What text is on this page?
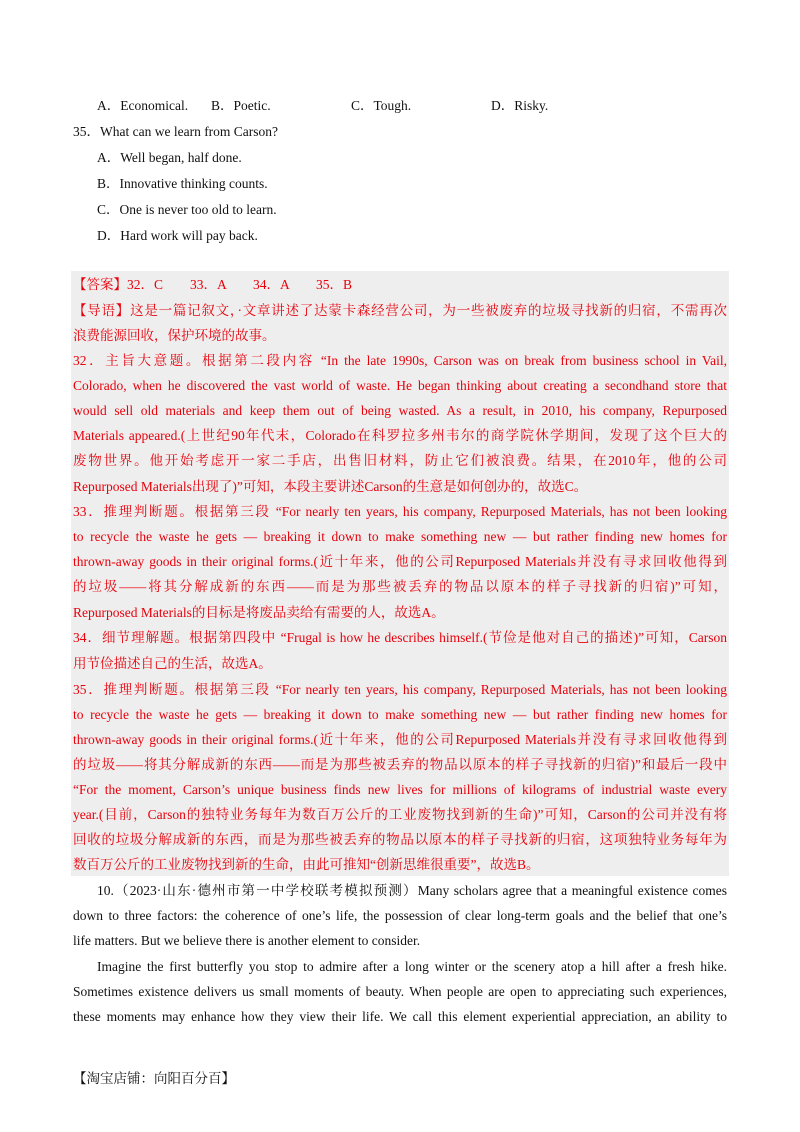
A．Economical. B．Poetic.	C．Tough.	D．Risky.
35．What can we learn from Carson?
A．Well began, half done.
B．Innovative thinking counts.
C．One is never too old to learn.
D．Hard work will pay back.
【答案】32．C　　33．A　　34．A　　35．B
【导语】这是一篇记叙文，·文章讲述了达蒙卡森经营公司，为一些被废弃的垃圾寻找新的归宿，不需再次
浪费能源回收，保护环境的故事。
32．主旨大意题。根据第二段内容 “In the late 1990s, Carson was on break from business school in Vail,
Colorado, when he discovered the vast world of waste. He began thinking about creating a secondhand store that
would sell old materials and keep them out of being wasted. As a result, in 2010, his company, Repurposed
Materials appeared.(上世纪90年代末，Colorado在科罗拉多州韦尔的商学院休学期间，发现了这个巨大的
废物世界。他开始考虑开一家二手店，出售旧材料，防止它们被浪费。结果，在2010年，他的公司
Repurposed Materials出现了)”可知，本段主要讲述Carson的生意是如何创办的，故选C。
33．推理判断题。根据第三段 “For nearly ten years, his company, Repurposed Materials, has not been looking
to recycle the waste he gets — breaking it down to make something new — but rather finding new homes for
thrown-away goods in their original forms.(近十年来，他的公司Repurposed Materials并没有寻求回收他得到
的垃圾——将其分解成新的东西——而是为那些被丢弃的物品以原本的样子寻找新的归宿)”可知，
Repurposed Materials的目标是将废品卖给有需要的人，故选A。
34．细节理解题。根据第四段中 “Frugal is how he describes himself.(节俭是他对自己的描述)”可知，Carson
用节俭描述自己的生活，故选A。
35．推理判断题。根据第三段 “For nearly ten years, his company, Repurposed Materials, has not been looking
to recycle the waste he gets — breaking it down to make something new — but rather finding new homes for
thrown-away goods in their original forms.(近十年来，他的公司Repurposed Materials并没有寻求回收他得到
的垃圾——将其分解成新的东西——而是为那些被丢弃的物品以原本的样子寻找新的归宿)”和最后一段中
“For the moment, Carson’s unique business finds new lives for millions of kilograms of industrial waste every
year.(目前，Carson的独特业务每年为数百万公斤的工业废物找到新的生命)”可知，Carson的公司并没有将
回收的垃圾分解成新的东西，而是为那些被丢弃的物品以原本的样子寻找新的归宿，这项独特业务每年为
数百万公斤的工业废物找到新的生命，由此可推知“创新思维很重要”，故选B。
10.（2023·山东·德州市第一中学校联考模拟预测）Many scholars agree that a meaningful existence comes
down to three factors: the coherence of one’s life, the possession of clear long-term goals and the belief that one’s
life matters. But we believe there is another element to consider.
Imagine the first butterfly you stop to admire after a long winter or the scenery atop a hill after a fresh hike.
Sometimes existence delivers us small moments of beauty. When people are open to appreciating such experiences,
these moments may enhance how they view their life. We call this element experiential appreciation, an ability to
【淘宝店铺：向阳百分百】
